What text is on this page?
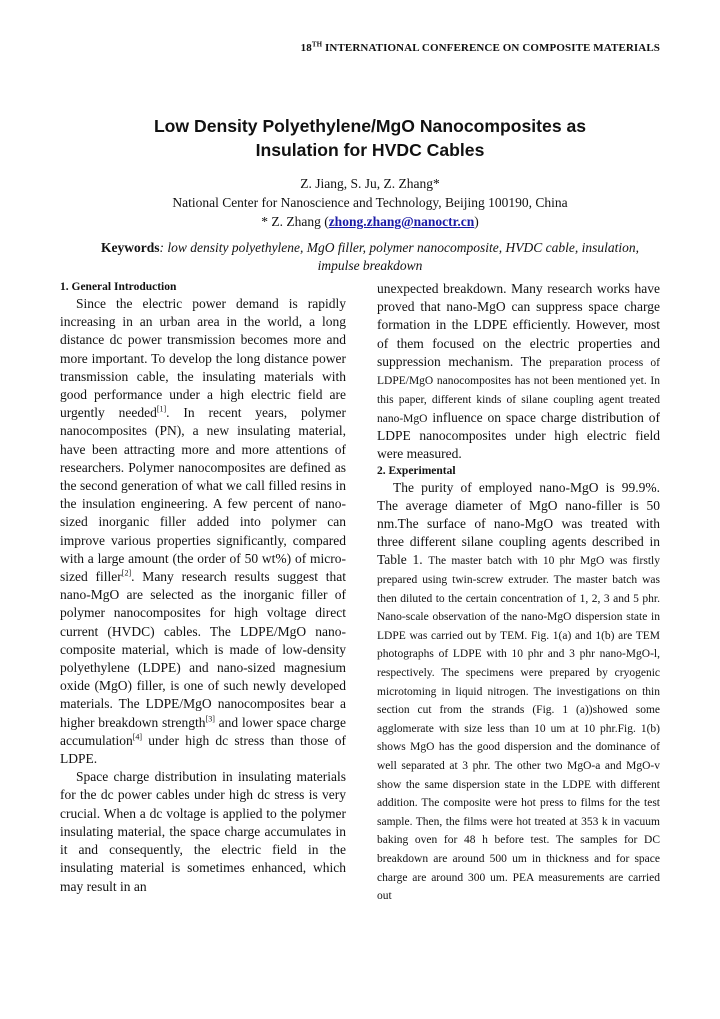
18TH INTERNATIONAL CONFERENCE ON COMPOSITE MATERIALS
Low Density Polyethylene/MgO Nanocomposites as
Insulation for HVDC Cables
Z. Jiang, S. Ju, Z. Zhang*
National Center for Nanoscience and Technology, Beijing 100190, China
* Z. Zhang (zhong.zhang@nanoctr.cn)
Keywords: low density polyethylene, MgO filler, polymer nanocomposite, HVDC cable, insulation, impulse breakdown

1. General Introduction

Since the electric power demand is rapidly increasing in an urban area in the world, a long distance dc power transmission becomes more and more important. To develop the long distance power transmission cable, the insulating materials with good performance under a high electric field are urgently needed[1]. In recent years, polymer nanocomposites (PN), a new insulating material, have been attracting more and more attentions of researchers. Polymer nanocomposites are defined as the second generation of what we call filled resins in the insulation engineering. A few percent of nano-sized inorganic filler added into polymer can improve various properties significantly, compared with a large amount (the order of 50 wt%) of micro-sized filler[2]. Many research results suggest that nano-MgO are selected as the inorganic filler of polymer nanocomposites for high voltage direct current (HVDC) cables. The LDPE/MgO nano-composite material, which is made of low-density polyethylene (LDPE) and nano-sized magnesium oxide (MgO) filler, is one of such newly developed materials. The LDPE/MgO nanocomposites bear a higher breakdown strength[3] and lower space charge accumulation[4] under high dc stress than those of LDPE.

Space charge distribution in insulating materials for the dc power cables under high dc stress is very crucial. When a dc voltage is applied to the polymer insulating material, the space charge accumulates in it and consequently, the electric field in the insulating material is sometimes enhanced, which may result in an

unexpected breakdown. Many research works have proved that nano-MgO can suppress space charge formation in the LDPE efficiently. However, most of them focused on the electric properties and suppression mechanism. The preparation process of LDPE/MgO nanocomposites has not been mentioned yet. In this paper, different kinds of silane coupling agent treated nano-MgO influence on space charge distribution of LDPE nanocomposites under high electric field were measured.

2. Experimental

The purity of employed nano-MgO is 99.9%. The average diameter of MgO nano-filler is 50 nm.The surface of nano-MgO was treated with three different silane coupling agents described in Table 1. The master batch with 10 phr MgO was firstly prepared using twin-screw extruder. The master batch was then diluted to the certain concentration of 1, 2, 3 and 5 phr. Nano-scale observation of the nano-MgO dispersion state in LDPE was carried out by TEM. Fig. 1(a) and 1(b) are TEM photographs of LDPE with 10 phr and 3 phr nano-MgO-l, respectively. The specimens were prepared by cryogenic microtoming in liquid nitrogen. The investigations on thin section cut from the strands (Fig. 1 (a))showed some agglomerate with size less than 10 um at 10 phr.Fig. 1(b) shows MgO has the good dispersion and the dominance of well separated at 3 phr. The other two MgO-a and MgO-v show the same dispersion state in the LDPE with different addition. The composite were hot press to films for the test sample. Then, the films were hot treated at 353 k in vacuum baking oven for 48 h before test. The samples for DC breakdown are around 500 um in thickness and for space charge are around 300 um. PEA measurements are carried out
